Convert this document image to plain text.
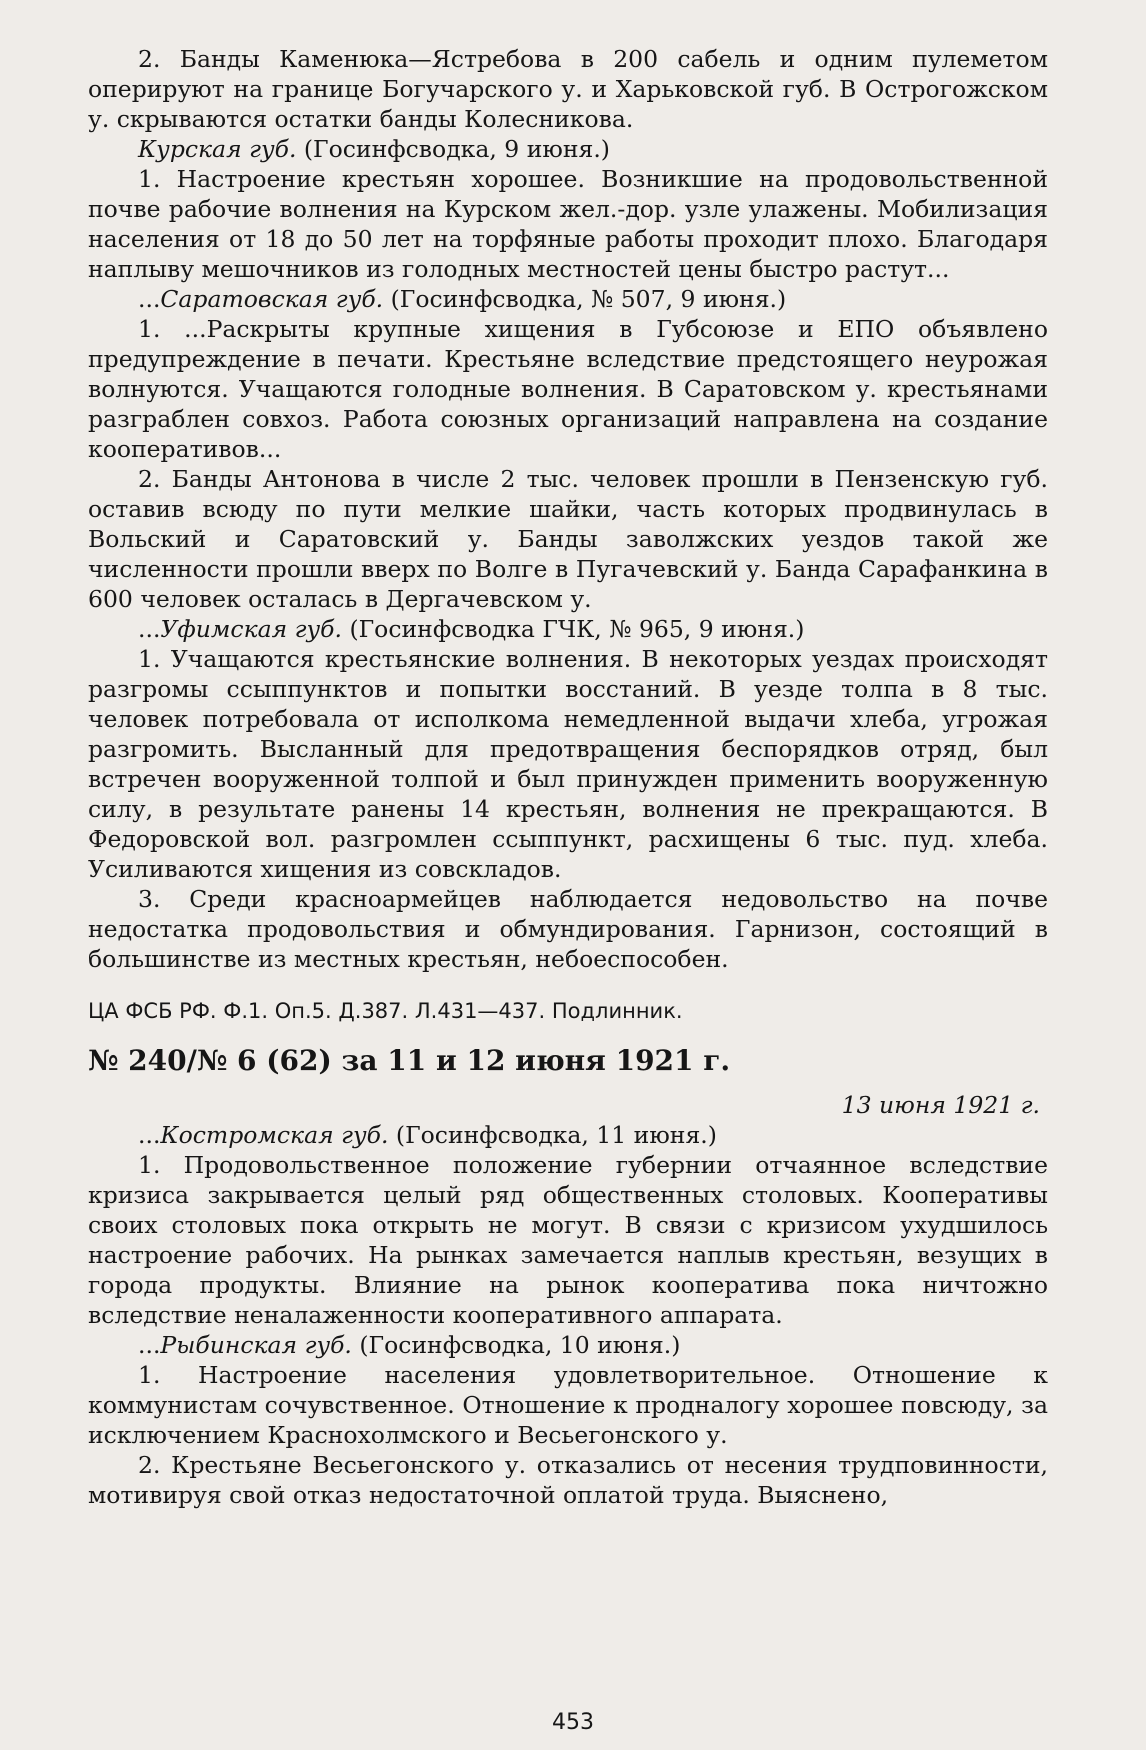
2. Банды Каменюка—Ястребова в 200 сабель и одним пулеметом оперируют на границе Богучарского у. и Харьковской губ. В Острогожском у. скрываются остатки банды Колесникова.

Курская губ. (Госинфсводка, 9 июня.)

1. Настроение крестьян хорошее. Возникшие на продовольственной почве рабочие волнения на Курском жел.-дор. узле улажены. Мобилизация населения от 18 до 50 лет на торфяные работы проходит плохо. Благодаря наплыву мешочников из голодных местностей цены быстро растут...

...Саратовская губ. (Госинфсводка, № 507, 9 июня.)

1. ...Раскрыты крупные хищения в Губсоюзе и ЕПО объявлено предупреждение в печати. Крестьяне вследствие предстоящего неурожая волнуются. Учащаются голодные волнения. В Саратовском у. крестьянами разграблен совхоз. Работа союзных организаций направлена на создание кооперативов...

2. Банды Антонова в числе 2 тыс. человек прошли в Пензенскую губ. оставив всюду по пути мелкие шайки, часть которых продвинулась в Вольский и Саратовский у. Банды заволжских уездов такой же численности прошли вверх по Волге в Пугачевский у. Банда Сарафанкина в 600 человек осталась в Дергачевском у.

...Уфимская губ. (Госинфсводка ГЧК, № 965, 9 июня.)

1. Учащаются крестьянские волнения. В некоторых уездах происходят разгромы ссыппунктов и попытки восстаний. В уезде толпа в 8 тыс. человек потребовала от исполкома немедленной выдачи хлеба, угрожая разгромить. Высланный для предотвращения беспорядков отряд, был встречен вооруженной толпой и был принужден применить вооруженную силу, в результате ранены 14 крестьян, волнения не прекращаются. В Федоровской вол. разгромлен ссыппункт, расхищены 6 тыс. пуд. хлеба. Усиливаются хищения из совскладов.

3. Среди красноармейцев наблюдается недовольство на почве недостатка продовольствия и обмундирования. Гарнизон, состоящий в большинстве из местных крестьян, небоеспособен.

ЦА ФСБ РФ. Ф.1. Оп.5. Д.387. Л.431—437. Подлинник.

№ 240/№ 6 (62) за 11 и 12 июня 1921 г.

13 июня 1921 г.

...Костромская губ. (Госинфсводка, 11 июня.)

1. Продовольственное положение губернии отчаянное вследствие кризиса закрывается целый ряд общественных столовых. Кооперативы своих столовых пока открыть не могут. В связи с кризисом ухудшилось настроение рабочих. На рынках замечается наплыв крестьян, везущих в города продукты. Влияние на рынок кооператива пока ничтожно вследствие неналаженности кооперативного аппарата.

...Рыбинская губ. (Госинфсводка, 10 июня.)

1. Настроение населения удовлетворительное. Отношение к коммунистам сочувственное. Отношение к продналогу хорошее повсюду, за исключением Краснохолмского и Весьегонского у.

2. Крестьяне Весьегонского у. отказались от несения трудповинности, мотивируя свой отказ недостаточной оплатой труда. Выяснено,

453
